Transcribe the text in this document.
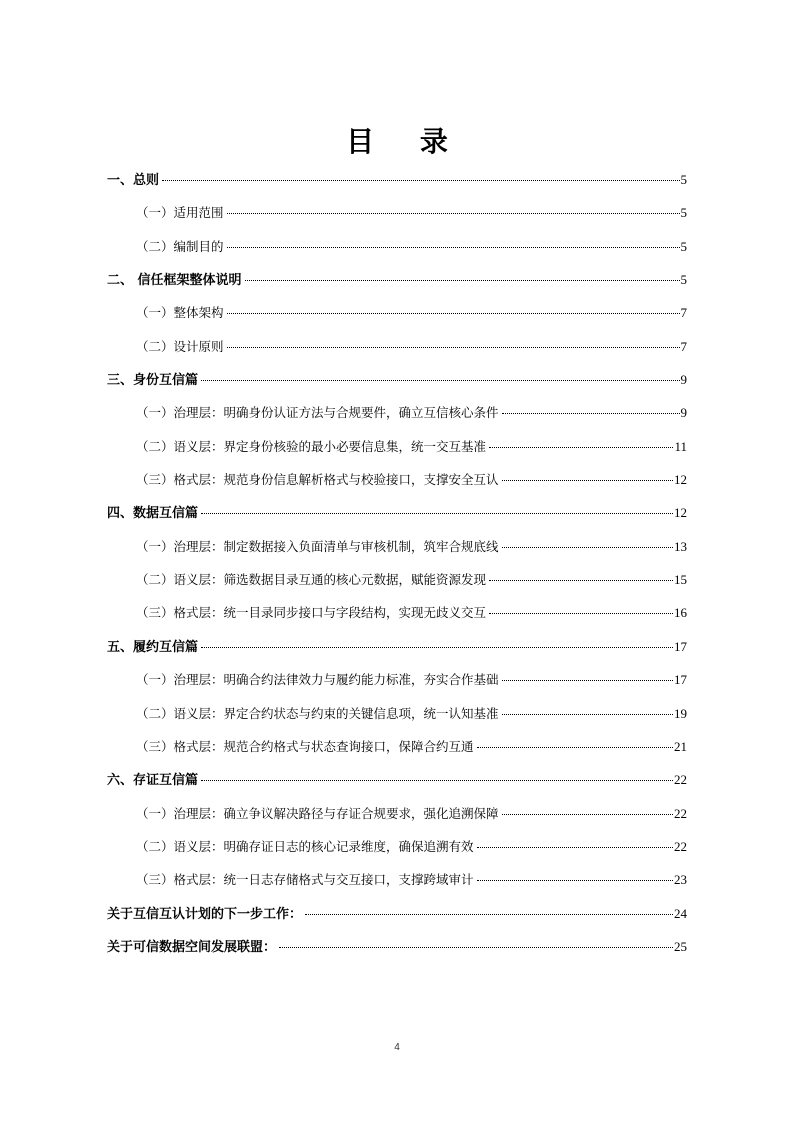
目 录
一、总则	5
（一）适用范围	5
（二）编制目的	5
二、 信任框架整体说明	5
（一）整体架构	7
（二）设计原则	7
三、身份互信篇	9
（一）治理层：明确身份认证方法与合规要件，确立互信核心条件	9
（二）语义层：界定身份核验的最小必要信息集，统一交互基准	11
（三）格式层：规范身份信息解析格式与校验接口，支撑安全互认	12
四、数据互信篇	12
（一）治理层：制定数据接入负面清单与审核机制，筑牢合规底线	13
（二）语义层：筛选数据目录互通的核心元数据，赋能资源发现	15
（三）格式层：统一目录同步接口与字段结构，实现无歧义交互	16
五、履约互信篇	17
（一）治理层：明确合约法律效力与履约能力标准，夯实合作基础	17
（二）语义层：界定合约状态与约束的关键信息项，统一认知基准	19
（三）格式层：规范合约格式与状态查询接口，保障合约互通	21
六、存证互信篇	22
（一）治理层：确立争议解决路径与存证合规要求，强化追溯保障	22
（二）语义层：明确存证日志的核心记录维度，确保追溯有效	22
（三）格式层：统一日志存储格式与交互接口，支撑跨域审计	23
关于互信互认计划的下一步工作：	24
关于可信数据空间发展联盟：	25
4
